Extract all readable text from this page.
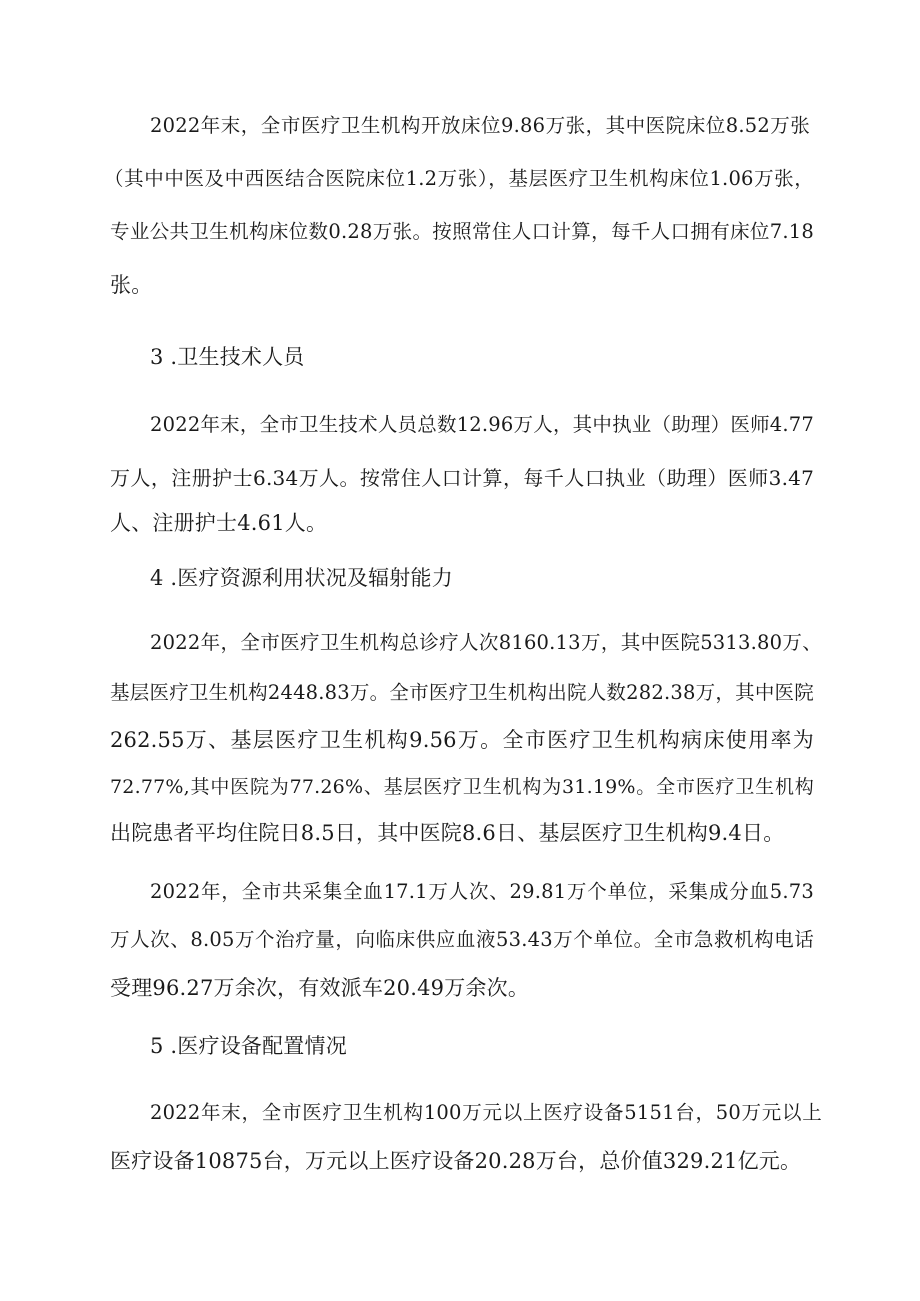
2022年末，全市医疗卫生机构开放床位9.86万张，其中医院床位8.52万张
（其中中医及中西医结合医院床位1.2万张），基层医疗卫生机构床位1.06万张，
专业公共卫生机构床位数0.28万张。按照常住人口计算，每千人口拥有床位7.18
张。
3 .卫生技术人员
2022年末，全市卫生技术人员总数12.96万人，其中执业（助理）医师4.77
万人，注册护士6.34万人。按常住人口计算，每千人口执业（助理）医师3.47
人、注册护士4.61人。
4 .医疗资源利用状况及辐射能力
2022年，全市医疗卫生机构总诊疗人次8160.13万，其中医院5313.80万、
基层医疗卫生机构2448.83万。全市医疗卫生机构出院人数282.38万，其中医院
262.55万、基层医疗卫生机构9.56万。全市医疗卫生机构病床使用率为
72.77%,其中医院为77.26%、基层医疗卫生机构为31.19%。全市医疗卫生机构
出院患者平均住院日8.5日，其中医院8.6日、基层医疗卫生机构9.4日。
2022年，全市共采集全血17.1万人次、29.81万个单位，采集成分血5.73
万人次、8.05万个治疗量，向临床供应血液53.43万个单位。全市急救机构电话
受理96.27万余次，有效派车20.49万余次。
5 .医疗设备配置情况
2022年末，全市医疗卫生机构100万元以上医疗设备5151台，50万元以上
医疗设备10875台，万元以上医疗设备20.28万台，总价值329.21亿元。
